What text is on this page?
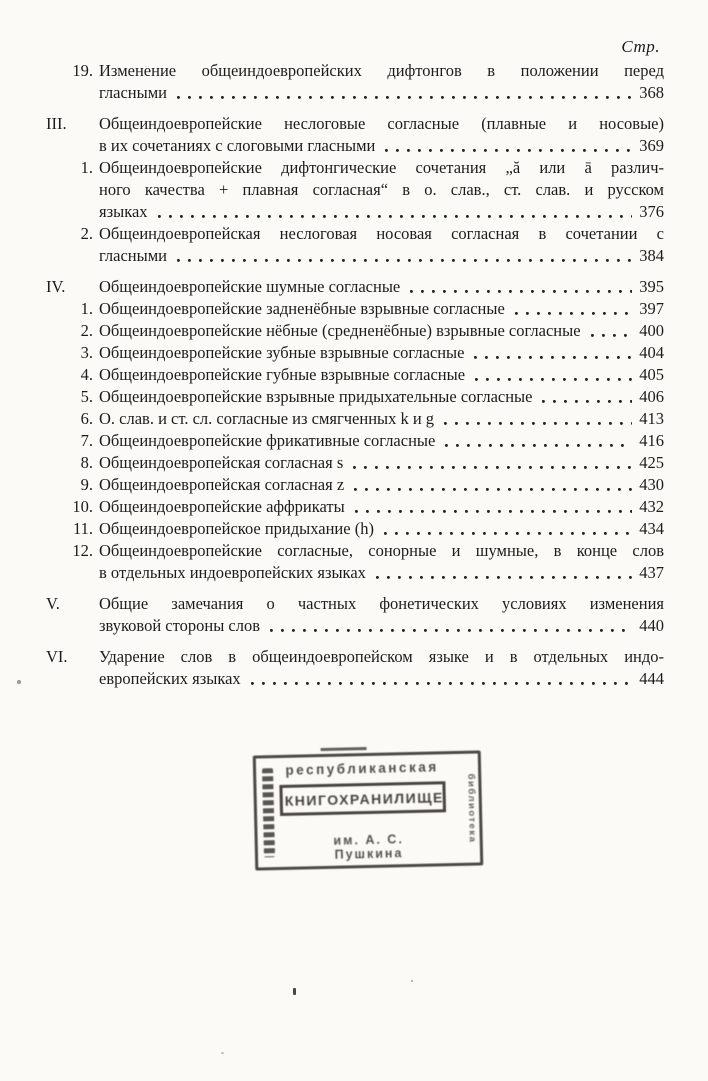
Стр.
19. Изменение общеиндоевропейских дифтонгов в положении перед
гласными	368
III.	Общеиндоевропейские неслоговые согласные (плавные и носовые)
в их сочетаниях с слоговыми гласными	369
1. Общеиндоевропейские дифтонгические сочетания „ă или ā различ-
ного качества + плавная согласная“ в о. слав., ст. слав. и русском
языках	376
2. Общеиндоевропейская неслоговая носовая согласная в сочетании с
гласными	384
IV.	Общеиндоевропейские шумные согласные	395
1. Общеиндоевропейские задненёбные взрывные согласные	397
2. Общеиндоевропейские нёбные (средненёбные) взрывные согласные	400
3. Общеиндоевропейские зубные взрывные согласные	404
4. Общеиндоевропейские губные взрывные согласные	405
5. Общеиндоевропейские взрывные придыхательные согласные	406
6. О. слав. и ст. сл. согласные из смягченных k и g	413
7. Общеиндоевропейские фрикативные согласные	416
8. Общеиндоевропейская согласная s	425
9. Общеиндоевропейская согласная z	430
10. Общеиндоевропейские аффрикаты	432
11. Общеиндоевропейское придыхание (h)	434
12. Общеиндоевропейские согласные, сонорные и шумные, в конце слов
в отдельных индоевропейских языках	437
V.	Общие замечания о частных фонетических условиях изменения
звуковой стороны слов	440
VI.	Ударение слов в общеиндоевропейском языке и в отдельных индо-
европейских языках	444
республиканская
КНИГОХРАНИЛИЩЕ
им. А. С. Пушкина
библиотека
